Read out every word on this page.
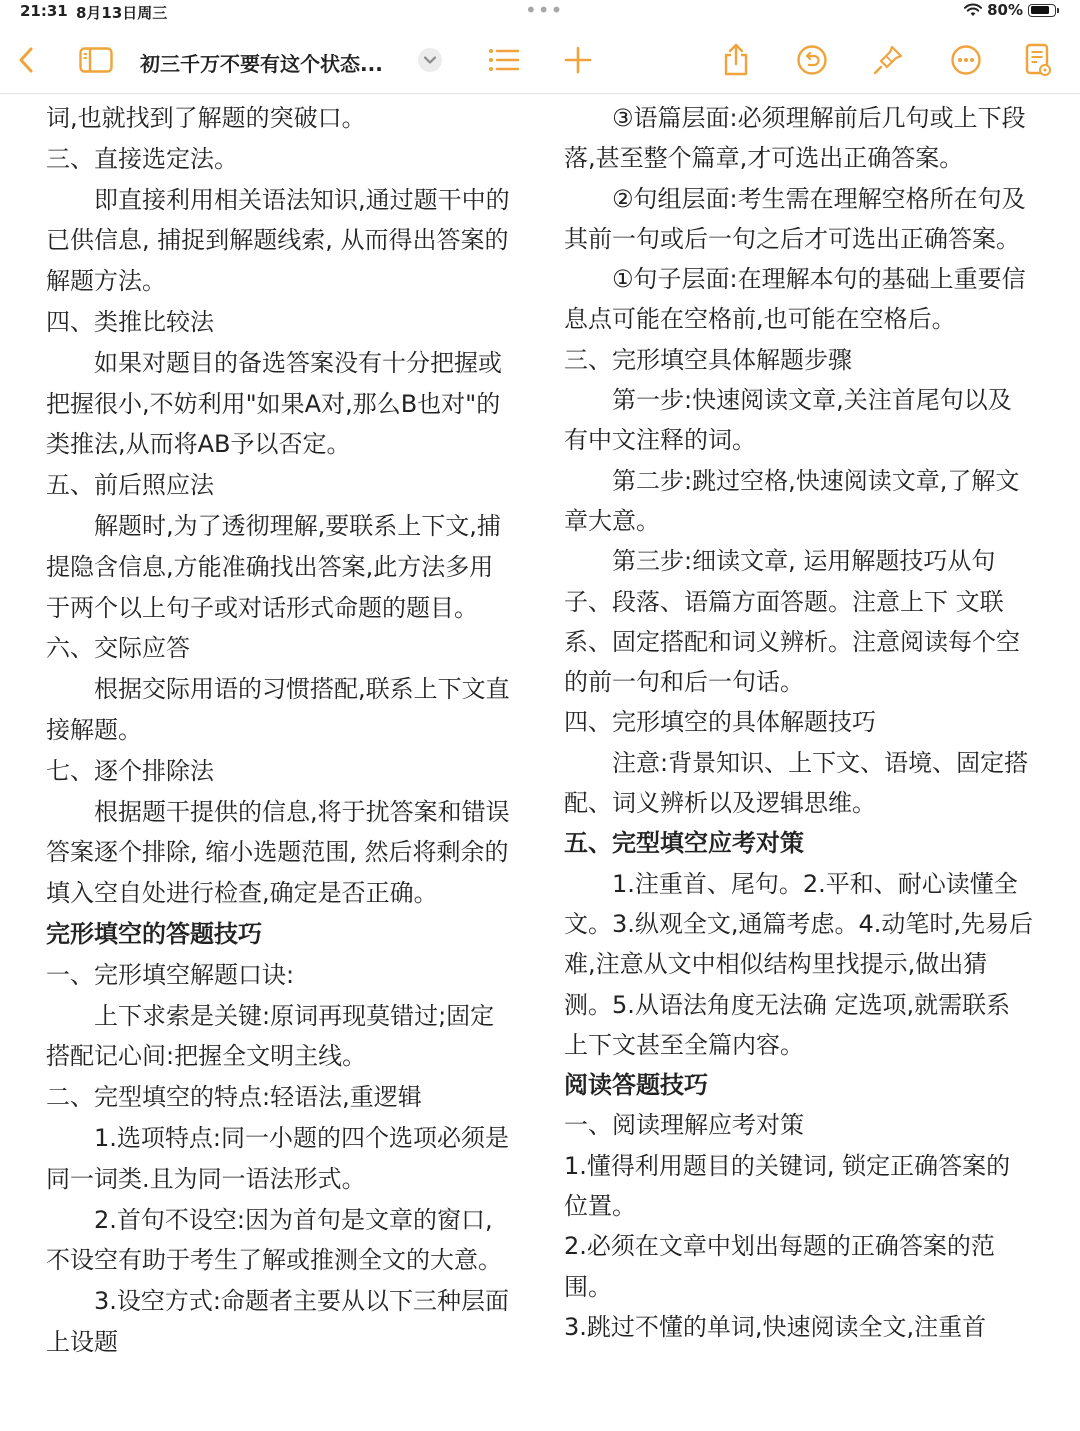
21:31 8月13日周三	•••	80%
初三千万不要有这个状态...

词,也就找到了解题的突破口。

三、直接选定法。

即直接利用相关语法知识,通过题干中的已供信息, 捕捉到解题线索, 从而得出答案的解题方法。

四、类推比较法

如果对题目的备选答案没有十分把握或把握很小,不妨利用"如果A对,那么B也对"的类推法,从而将AB予以否定。

五、前后照应法

解题时,为了透彻理解,要联系上下文,捕提隐含信息,方能准确找出答案,此方法多用于两个以上句子或对话形式命题的题目。

六、交际应答

根据交际用语的习惯搭配,联系上下文直接解题。

七、逐个排除法

根据题干提供的信息,将于扰答案和错误答案逐个排除, 缩小选题范围, 然后将剩余的填入空自处进行检查,确定是否正确。

完形填空的答题技巧

一、完形填空解题口诀:

上下求索是关键:原词再现莫错过;固定搭配记心间:把握全文明主线。

二、完型填空的特点:轻语法,重逻辑

1.选项特点:同一小题的四个选项必须是同一词类.且为同一语法形式。

2.首句不设空:因为首句是文章的窗口,不设空有助于考生了解或推测全文的大意。

3.设空方式:命题者主要从以下三种层面上设题

③语篇层面:必须理解前后几句或上下段落,甚至整个篇章,才可选出正确答案。

②句组层面:考生需在理解空格所在句及其前一句或后一句之后才可选出正确答案。

①句子层面:在理解本句的基础上重要信息点可能在空格前,也可能在空格后。

三、完形填空具体解题步骤

第一步:快速阅读文章,关注首尾句以及有中文注释的词。

第二步:跳过空格,快速阅读文章,了解文章大意。

第三步:细读文章, 运用解题技巧从句子、段落、语篇方面答题。注意上下 文联系、固定搭配和词义辨析。注意阅读每个空的前一句和后一句话。

四、完形填空的具体解题技巧

注意:背景知识、上下文、语境、固定搭配、词义辨析以及逻辑思维。

五、完型填空应考对策

1.注重首、尾句。2.平和、耐心读懂全文。3.纵观全文,通篇考虑。4.动笔时,先易后难,注意从文中相似结构里找提示,做出猜测。5.从语法角度无法确 定选项,就需联系上下文甚至全篇内容。

阅读答题技巧

一、阅读理解应考对策

1.懂得利用题目的关键词, 锁定正确答案的位置。

2.必须在文章中划出每题的正确答案的范围。

3.跳过不懂的单词,快速阅读全文,注重首
